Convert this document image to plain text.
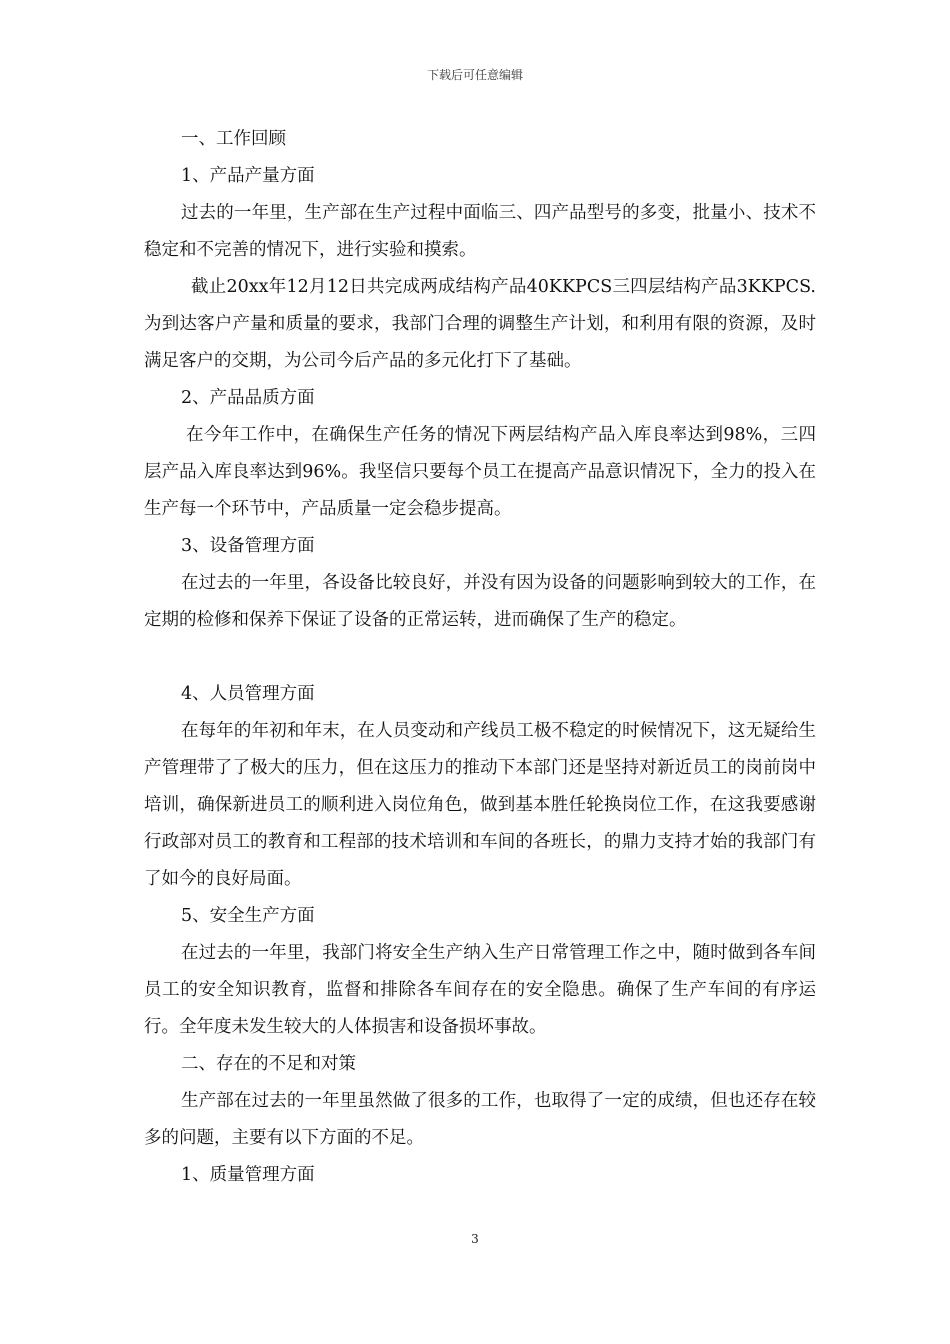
下载后可任意编辑

一、工作回顾

1、产品产量方面

过去的一年里，生产部在生产过程中面临三、四产品型号的多变，批量小、技术不稳定和不完善的情况下，进行实验和摸索。

截止20xx年12月12日共完成两成结构产品40KKPCS三四层结构产品3KKPCS.为到达客户产量和质量的要求，我部门合理的调整生产计划，和利用有限的资源，及时满足客户的交期，为公司今后产品的多元化打下了基础。

2、产品品质方面

在今年工作中，在确保生产任务的情况下两层结构产品入库良率达到98%，三四层产品入库良率达到96%。我坚信只要每个员工在提高产品意识情况下，全力的投入在生产每一个环节中，产品质量一定会稳步提高。

3、设备管理方面

在过去的一年里，各设备比较良好，并没有因为设备的问题影响到较大的工作，在定期的检修和保养下保证了设备的正常运转，进而确保了生产的稳定。

4、人员管理方面

在每年的年初和年末，在人员变动和产线员工极不稳定的时候情况下，这无疑给生产管理带了了极大的压力，但在这压力的推动下本部门还是坚持对新近员工的岗前岗中培训，确保新进员工的顺利进入岗位角色，做到基本胜任轮换岗位工作，在这我要感谢行政部对员工的教育和工程部的技术培训和车间的各班长，的鼎力支持才始的我部门有了如今的良好局面。

5、安全生产方面

在过去的一年里，我部门将安全生产纳入生产日常管理工作之中，随时做到各车间员工的安全知识教育，监督和排除各车间存在的安全隐患。确保了生产车间的有序运行。全年度未发生较大的人体损害和设备损坏事故。

二、存在的不足和对策

生产部在过去的一年里虽然做了很多的工作，也取得了一定的成绩，但也还存在较多的问题，主要有以下方面的不足。

1、质量管理方面

3
